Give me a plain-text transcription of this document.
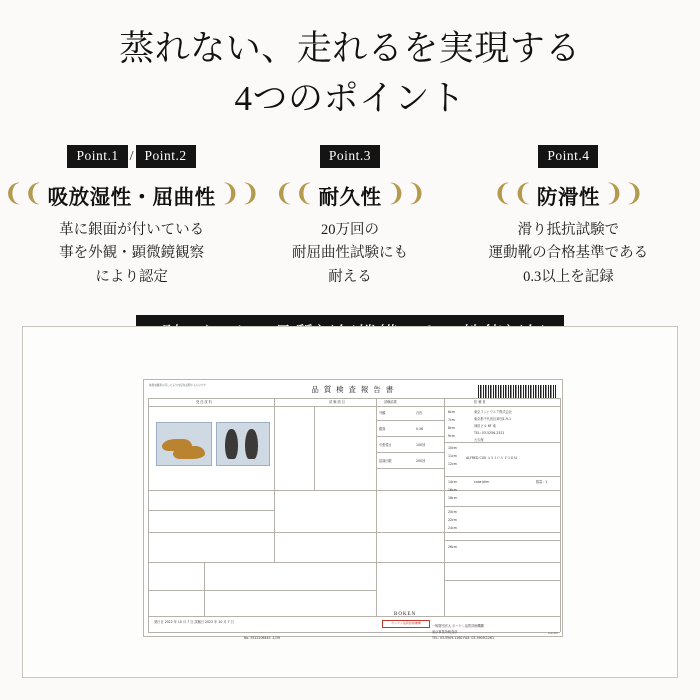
蒸れない、走れるを実現する
4つのポイント
Point.1 / Point.2
❨❨ 吸放湿性・屈曲性 ❨❨
革に銀面が付いている
事を外観・顕微鏡観察
により認定
Point.3
❨❨ 耐久性 ❨❨
20万回の
耐屈曲性試験にも
耐える
Point.4
❨❨ 防滑性 ❨❨
滑り抵抗試験で
運動靴の合格基準である
0.3以上を記録
検査成績書の写しにより内容を証明するものです	品 質 検 査 報 告 書
受 託 試 料	試 験 項 目	依 頼 者
試験結果
外観	白色
銀面	0.36
引張強さ	100回
屈曲回数	200回
6cm
7cm
8cm
9cm
10cm
11cm
12cm
14cm
16cm
18cm
20cm
22cm
24cm
26cm
東京フットウエア株式会社
東京都千代田区神田1-9-1
神田ビル 6F 東
TEL: 03-5256-2521
大久保
ALFRED COX ＡＳＩＣＳ ＦＯＲＭ
color/dim	数量 : 1
発行日 2022 年 10 月 7 日 試験日 2022 年 10 月 7 日
No. 3522206445 -1/39
ボーケン品質評価機構
BOKEN
一般財団法人 ボーケン品質評価機構
東京事業所検査部
TEL: 03-5909-1260 FAX: 03-5909-1261
bok/00f
